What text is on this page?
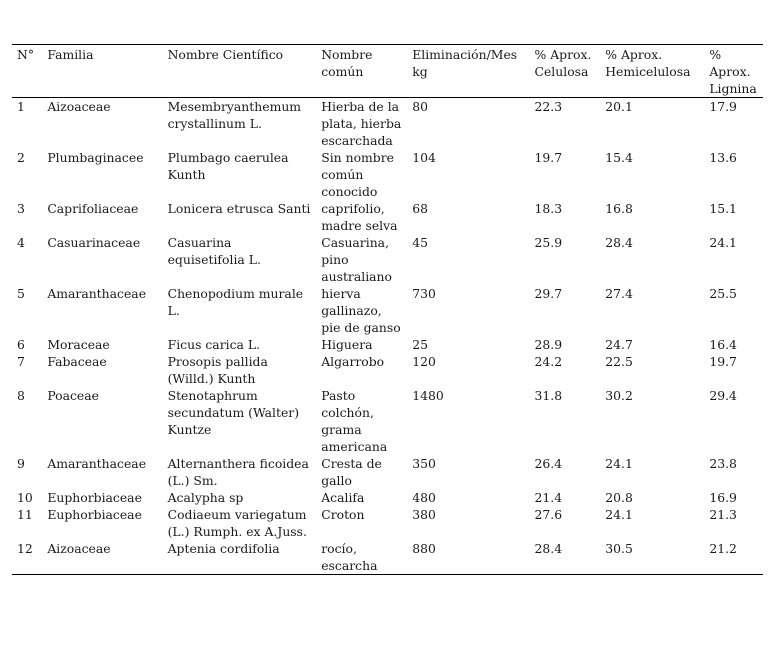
N°	Familia	Nombre Científico	Nombre común	Eliminación/Mes kg	% Aprox. Celulosa	% Aprox. Hemicelulosa	% Aprox. Lignina
1	Aizoaceae	Mesembryanthemum crystallinum L.	Hierba de la plata, hierba escarchada	80	22.3	20.1	17.9
2	Plumbaginacee	Plumbago caerulea Kunth	Sin nombre común conocido	104	19.7	15.4	13.6
3	Caprifoliaceae	Lonicera etrusca Santi	caprifolio, madre selva	68	18.3	16.8	15.1
4	Casuarinaceae	Casuarina equisetifolia L.	Casuarina, pino australiano	45	25.9	28.4	24.1
5	Amaranthaceae	Chenopodium murale L.	hierva gallinazo, pie de ganso	730	29.7	27.4	25.5
6	Moraceae	Ficus carica L.	Higuera	25	28.9	24.7	16.4
7	Fabaceae	Prosopis pallida (Willd.) Kunth	Algarrobo	120	24.2	22.5	19.7
8	Poaceae	Stenotaphrum secundatum (Walter) Kuntze	Pasto colchón, grama americana	1480	31.8	30.2	29.4
9	Amaranthaceae	Alternanthera ficoidea (L.) Sm.	Cresta de gallo	350	26.4	24.1	23.8
10	Euphorbiaceae	Acalypha sp	Acalifa	480	21.4	20.8	16.9
11	Euphorbiaceae	Codiaeum variegatum (L.) Rumph. ex A.Juss.	Croton	380	27.6	24.1	21.3
12	Aizoaceae	Aptenia cordifolia	rocío, escarcha	880	28.4	30.5	21.2
